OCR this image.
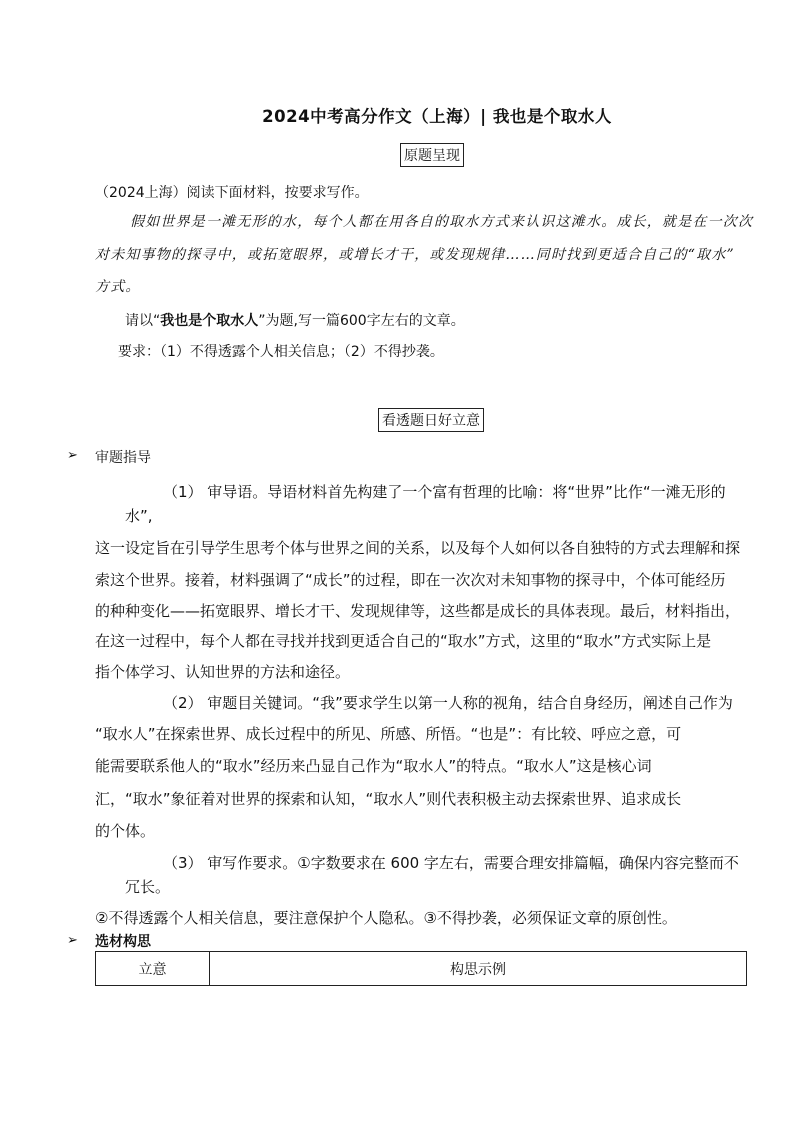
2024中考高分作文（上海）| 我也是个取水人
原题呈现
（2024上海）阅读下面材料，按要求写作。
假如世界是一滩无形的水，每个人都在用各自的取水方式来认识这滩水。成长，就是在一次次
对未知事物的探寻中，或拓宽眼界，或增长才干，或发现规律……同时找到更适合自己的“取水”
方式。
请以“我也是个取水人”为题,写一篇600字左右的文章。
要求：（1）不得透露个人相关信息；（2）不得抄袭。
看透题日好立意
➢ 审题指导
（1） 审导语。导语材料首先构建了一个富有哲理的比喻：将“世界”比作“一滩无形的
水”,
这一设定旨在引导学生思考个体与世界之间的关系，以及每个人如何以各自独特的方式去理解和探
索这个世界。接着，材料强调了“成长”的过程，即在一次次对未知事物的探寻中，个体可能经历
的种种变化——拓宽眼界、增长才干、发现规律等，这些都是成长的具体表现。最后，材料指出，
在这一过程中，每个人都在寻找并找到更适合自己的“取水”方式，这里的“取水”方式实际上是
指个体学习、认知世界的方法和途径。
（2） 审题目关键词。“我”要求学生以第一人称的视角，结合自身经历，阐述自己作为
“取水人”在探索世界、成长过程中的所见、所感、所悟。“也是”：有比较、呼应之意，可
能需要联系他人的“取水”经历来凸显自己作为“取水人”的特点。“取水人”这是核心词
汇，“取水”象征着对世界的探索和认知，“取水人”则代表积极主动去探索世界、追求成长
的个体。
（3） 审写作要求。①字数要求在 600 字左右，需要合理安排篇幅，确保内容完整而不
冗长。
②不得透露个人相关信息，要注意保护个人隐私。③不得抄袭，必须保证文章的原创性。
➢ 选材构思
立意	构思示例
